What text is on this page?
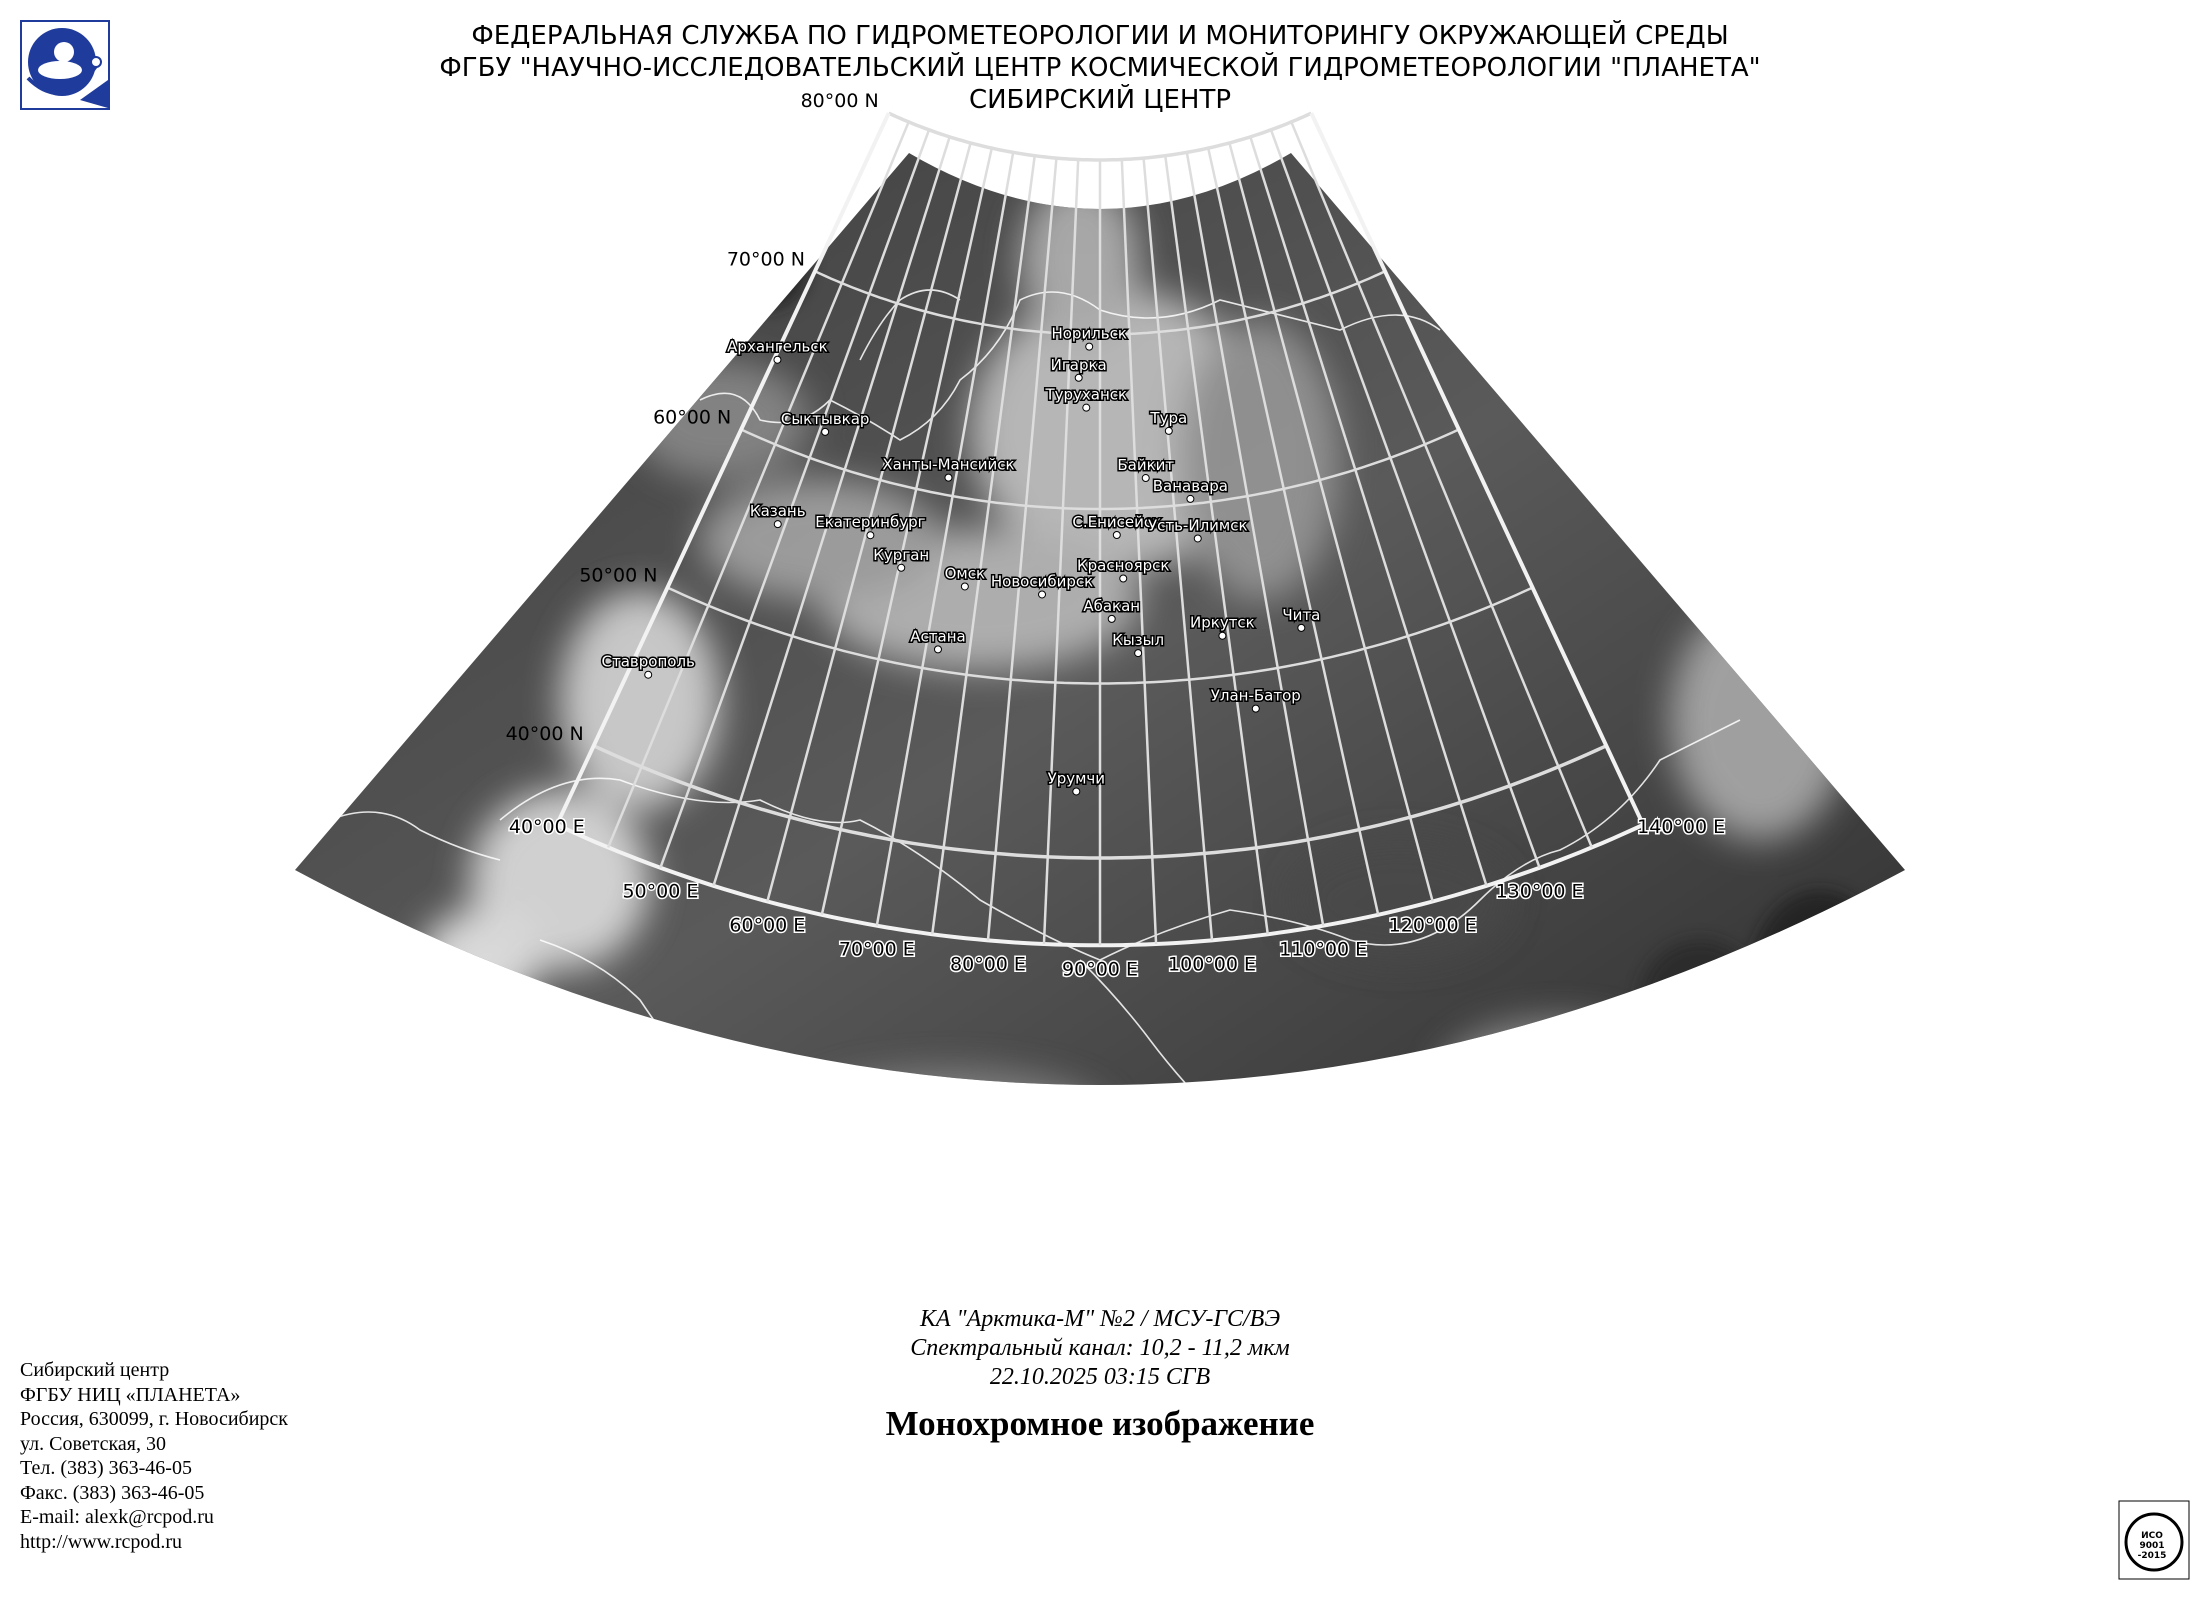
ФЕДЕРАЛЬНАЯ СЛУЖБА ПО ГИДРОМЕТЕОРОЛОГИИ И МОНИТОРИНГУ ОКРУЖАЮЩЕЙ СРЕДЫ
ФГБУ "НАУЧНО-ИССЛЕДОВАТЕЛЬСКИЙ ЦЕНТР КОСМИЧЕСКОЙ ГИДРОМЕТЕОРОЛОГИИ "ПЛАНЕТА"
СИБИРСКИЙ ЦЕНТР
80°00 N
70°00 N
60°00 N
50°00 N
40°00 N
40°00 E
50°00 E
60°00 E
70°00 E
80°00 E 90°00 E 100°00 E
110°00 E
120°00 E
130°00 E
140°00 E
Архангельск
Сыктывкар
Казань
Ставрополь
Екатеринбург
Ханты-Мансийск
Курган
Омск
Астана
Новосибирск
Норильск
Игарка
Туруханск
Тура
Байкит
Ванавара
С.Енисейск
Усть-Илимск
Красноярск
Абакан
Кызыл
Иркутск Чита
Улан-Батор
Урумчи
КА "Арктика-М" №2 / МСУ-ГС/ВЭ
Спектральный канал: 10,2 - 11,2 мкм
22.10.2025 03:15 СГВ
Монохромное изображение
Сибирский центр
ФГБУ НИЦ «ПЛАНЕТА»
Россия, 630099, г. Новосибирск
ул. Советская, 30
Тел. (383) 363-46-05
Факс. (383) 363-46-05
E-mail: alexk@rcpod.ru
http://www.rcpod.ru	ИСО
9001
-2015
